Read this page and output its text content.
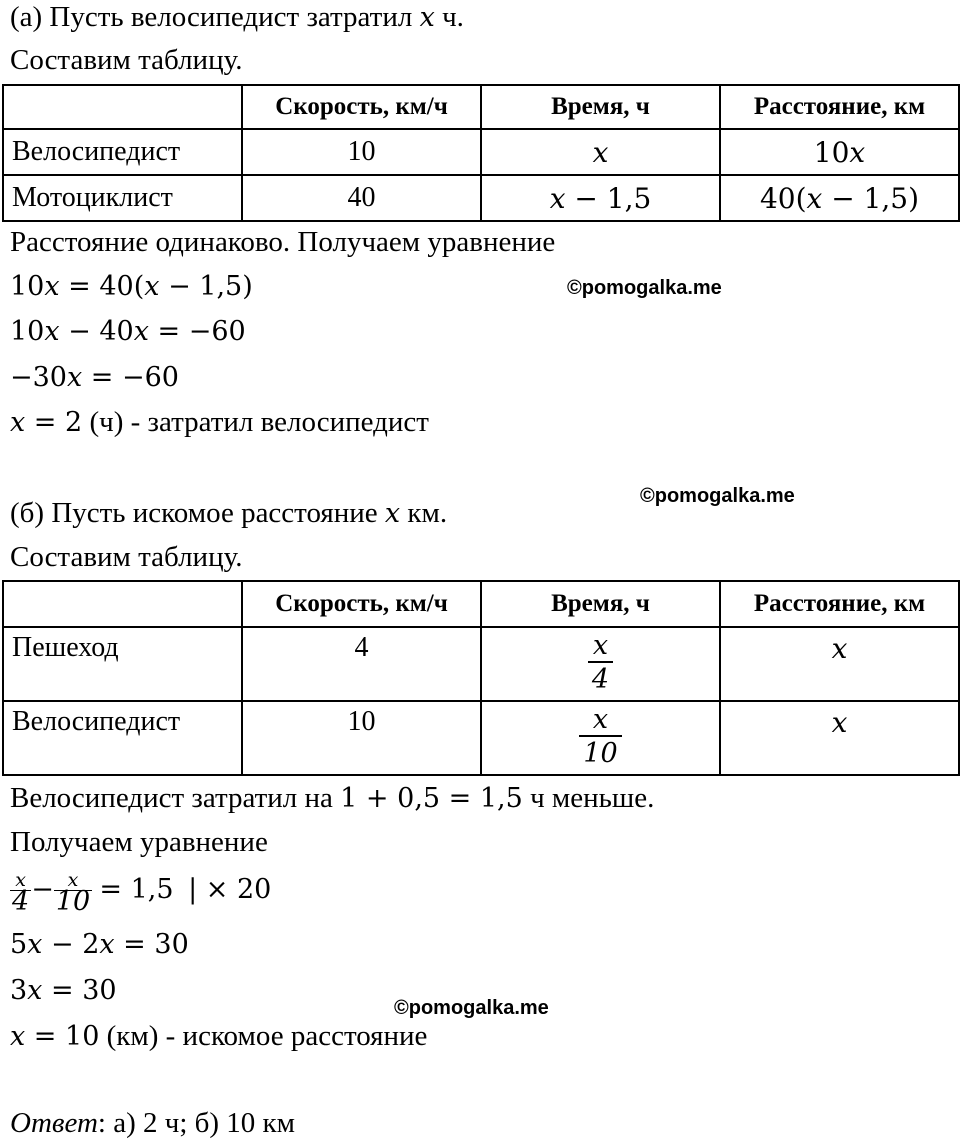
(а) Пусть велосипедист затратил 𝑥 ч.
Составим таблицу.
	Скорость, км/ч	Время, ч	Расстояние, км
Велосипедист	10	𝑥	10𝑥
Мотоциклист	40	𝑥 − 1,5	40(𝑥 − 1,5)
Расстояние одинаково. Получаем уравнение
10𝑥 = 40(𝑥 − 1,5)
10𝑥 − 40𝑥 = −60
−30𝑥 = −60
𝑥 = 2 (ч) - затратил велосипедист
©pomogalka.me
©pomogalka.me
(б) Пусть искомое расстояние 𝑥 км.
Составим таблицу.
	Скорость, км/ч	Время, ч	Расстояние, км
Пешеход	4	$\frac{\text{𝑥}}{4}$	𝑥
Велосипедист	10	$\frac{\text{𝑥}}{10}$	𝑥
Велосипедист затратил на 1 + 0,5 = 1,5 ч меньше.
Получаем уравнение
$\frac{\text{𝑥}}{4} - \frac{\text{𝑥}}{10} = 1,5$ | × 20
5𝑥 − 2𝑥 = 30
3𝑥 = 30
©pomogalka.me
𝑥 = 10 (км) - искомое расстояние
Ответ: а) 2 ч; б) 10 км
